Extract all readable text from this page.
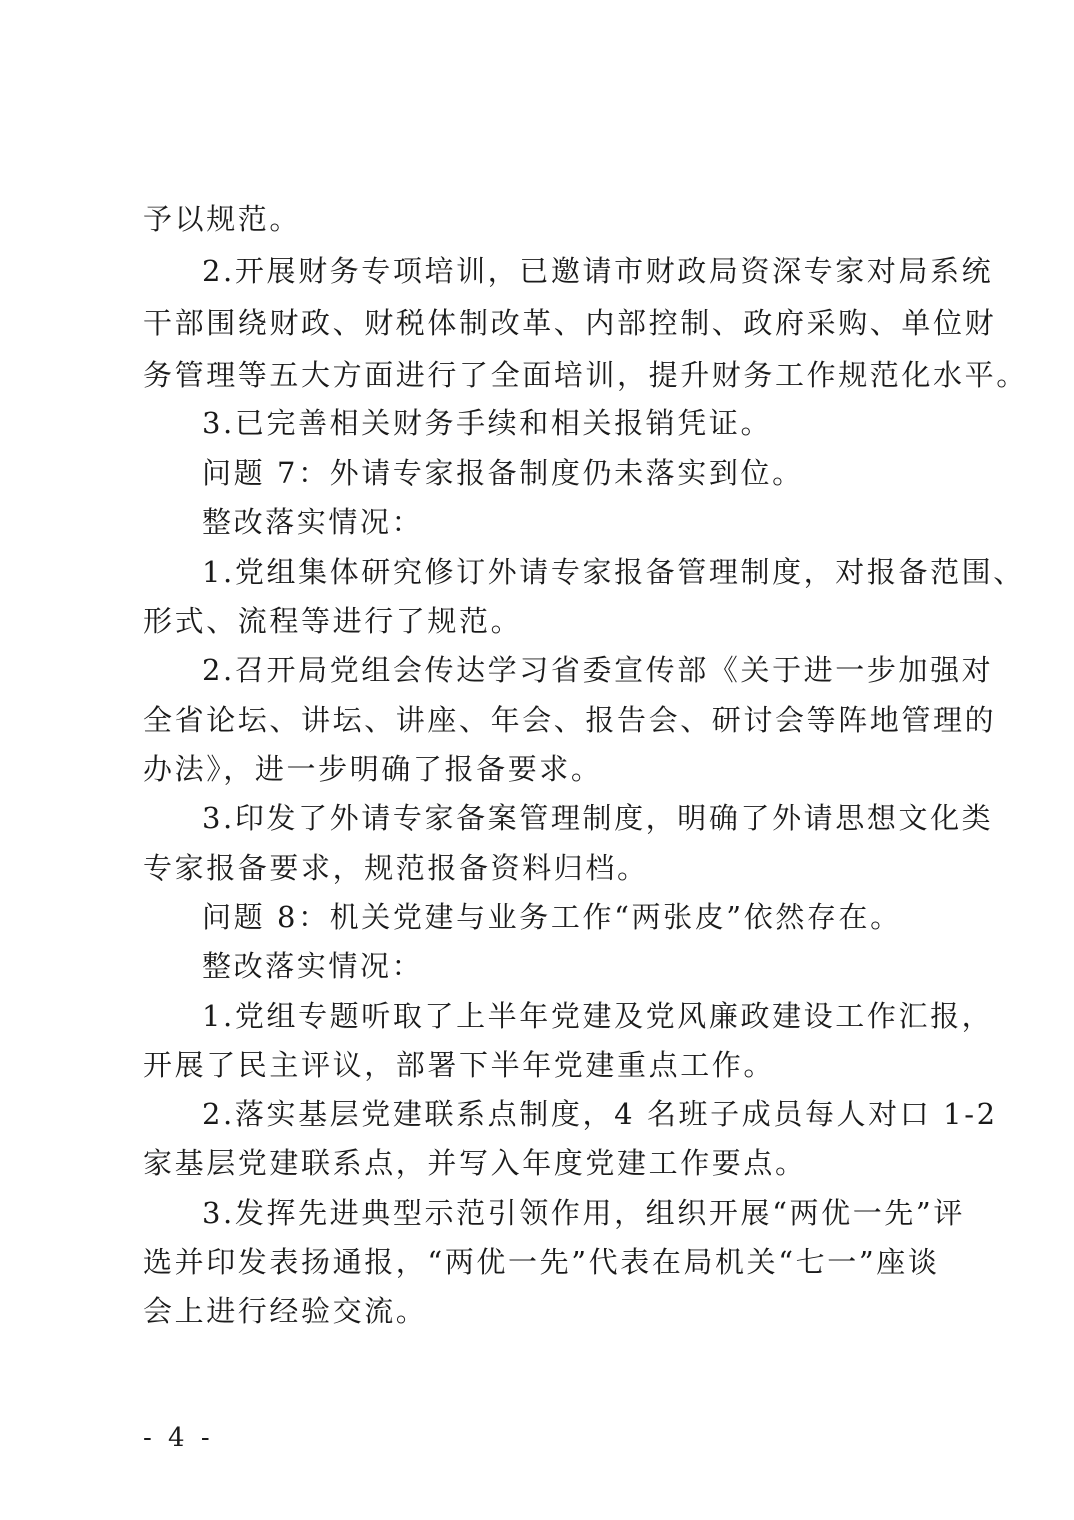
予以规范。
2.开展财务专项培训，已邀请市财政局资深专家对局系统
干部围绕财政、财税体制改革、内部控制、政府采购、单位财
务管理等五大方面进行了全面培训，提升财务工作规范化水平。
3.已完善相关财务手续和相关报销凭证。
问题 7：外请专家报备制度仍未落实到位。
整改落实情况：
1.党组集体研究修订外请专家报备管理制度，对报备范围、
形式、流程等进行了规范。
2.召开局党组会传达学习省委宣传部《关于进一步加强对
全省论坛、讲坛、讲座、年会、报告会、研讨会等阵地管理的
办法》，进一步明确了报备要求。
3.印发了外请专家备案管理制度，明确了外请思想文化类
专家报备要求，规范报备资料归档。
问题 8：机关党建与业务工作“两张皮”依然存在。
整改落实情况：
1.党组专题听取了上半年党建及党风廉政建设工作汇报，
开展了民主评议，部署下半年党建重点工作。
2.落实基层党建联系点制度，4 名班子成员每人对口 1-2
家基层党建联系点，并写入年度党建工作要点。
3.发挥先进典型示范引领作用，组织开展“两优一先”评
选并印发表扬通报，“两优一先”代表在局机关“七一”座谈
会上进行经验交流。
- 4 -
